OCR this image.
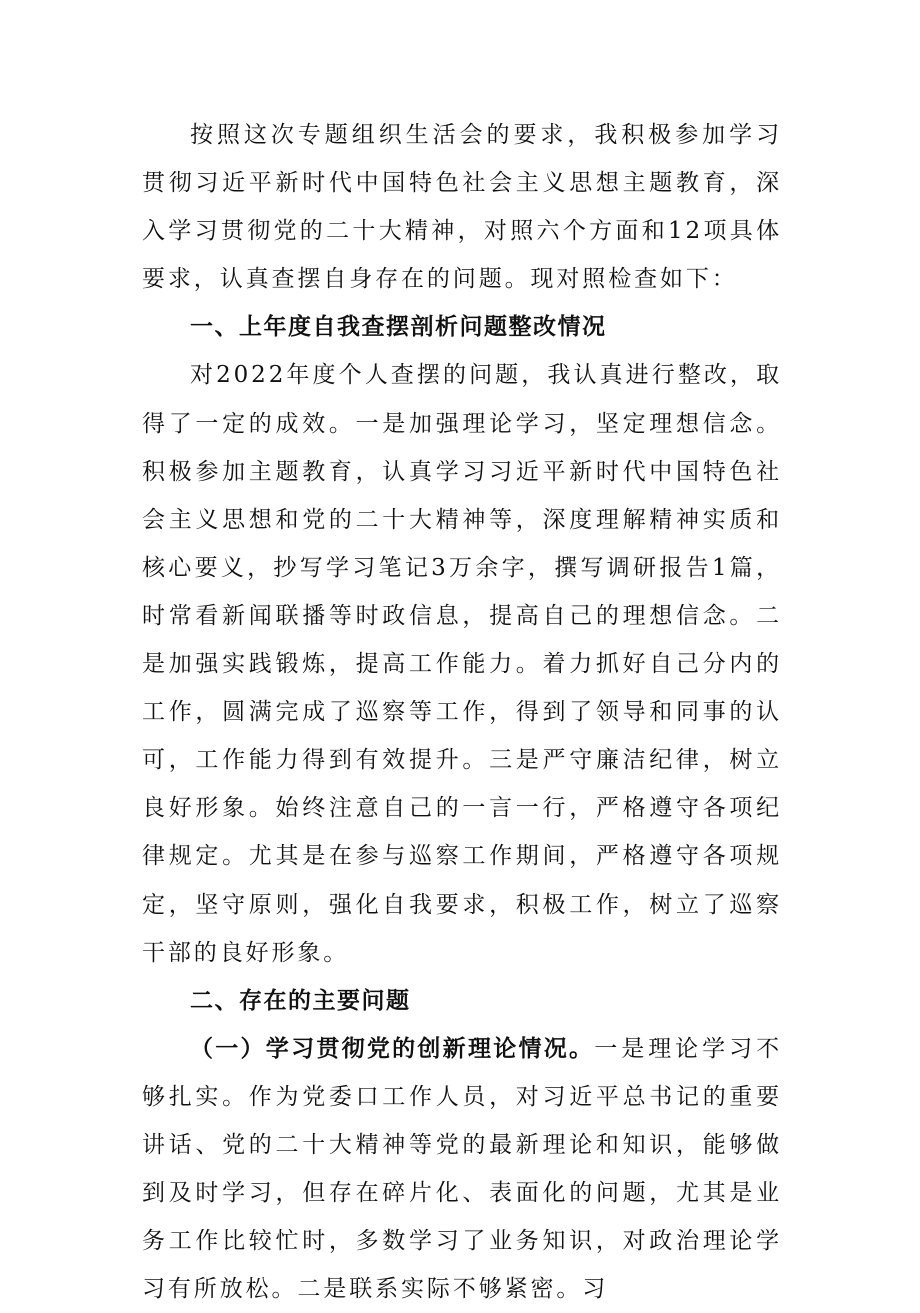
按照这次专题组织生活会的要求，我积极参加学习贯彻习近平新时代中国特色社会主义思想主题教育，深入学习贯彻党的二十大精神，对照六个方面和12项具体要求，认真查摆自身存在的问题。现对照检查如下：

一、上年度自我查摆剖析问题整改情况

对2022年度个人查摆的问题，我认真进行整改，取得了一定的成效。一是加强理论学习，坚定理想信念。积极参加主题教育，认真学习习近平新时代中国特色社会主义思想和党的二十大精神等，深度理解精神实质和核心要义，抄写学习笔记3万余字，撰写调研报告1篇，时常看新闻联播等时政信息，提高自己的理想信念。二是加强实践锻炼，提高工作能力。着力抓好自己分内的工作，圆满完成了巡察等工作，得到了领导和同事的认可，工作能力得到有效提升。三是严守廉洁纪律，树立良好形象。始终注意自己的一言一行，严格遵守各项纪律规定。尤其是在参与巡察工作期间，严格遵守各项规定，坚守原则，强化自我要求，积极工作，树立了巡察干部的良好形象。

二、存在的主要问题

（一）学习贯彻党的创新理论情况。一是理论学习不够扎实。作为党委口工作人员，对习近平总书记的重要讲话、党的二十大精神等党的最新理论和知识，能够做到及时学习，但存在碎片化、表面化的问题，尤其是业务工作比较忙时，多数学习了业务知识，对政治理论学习有所放松。二是联系实际不够紧密。习
